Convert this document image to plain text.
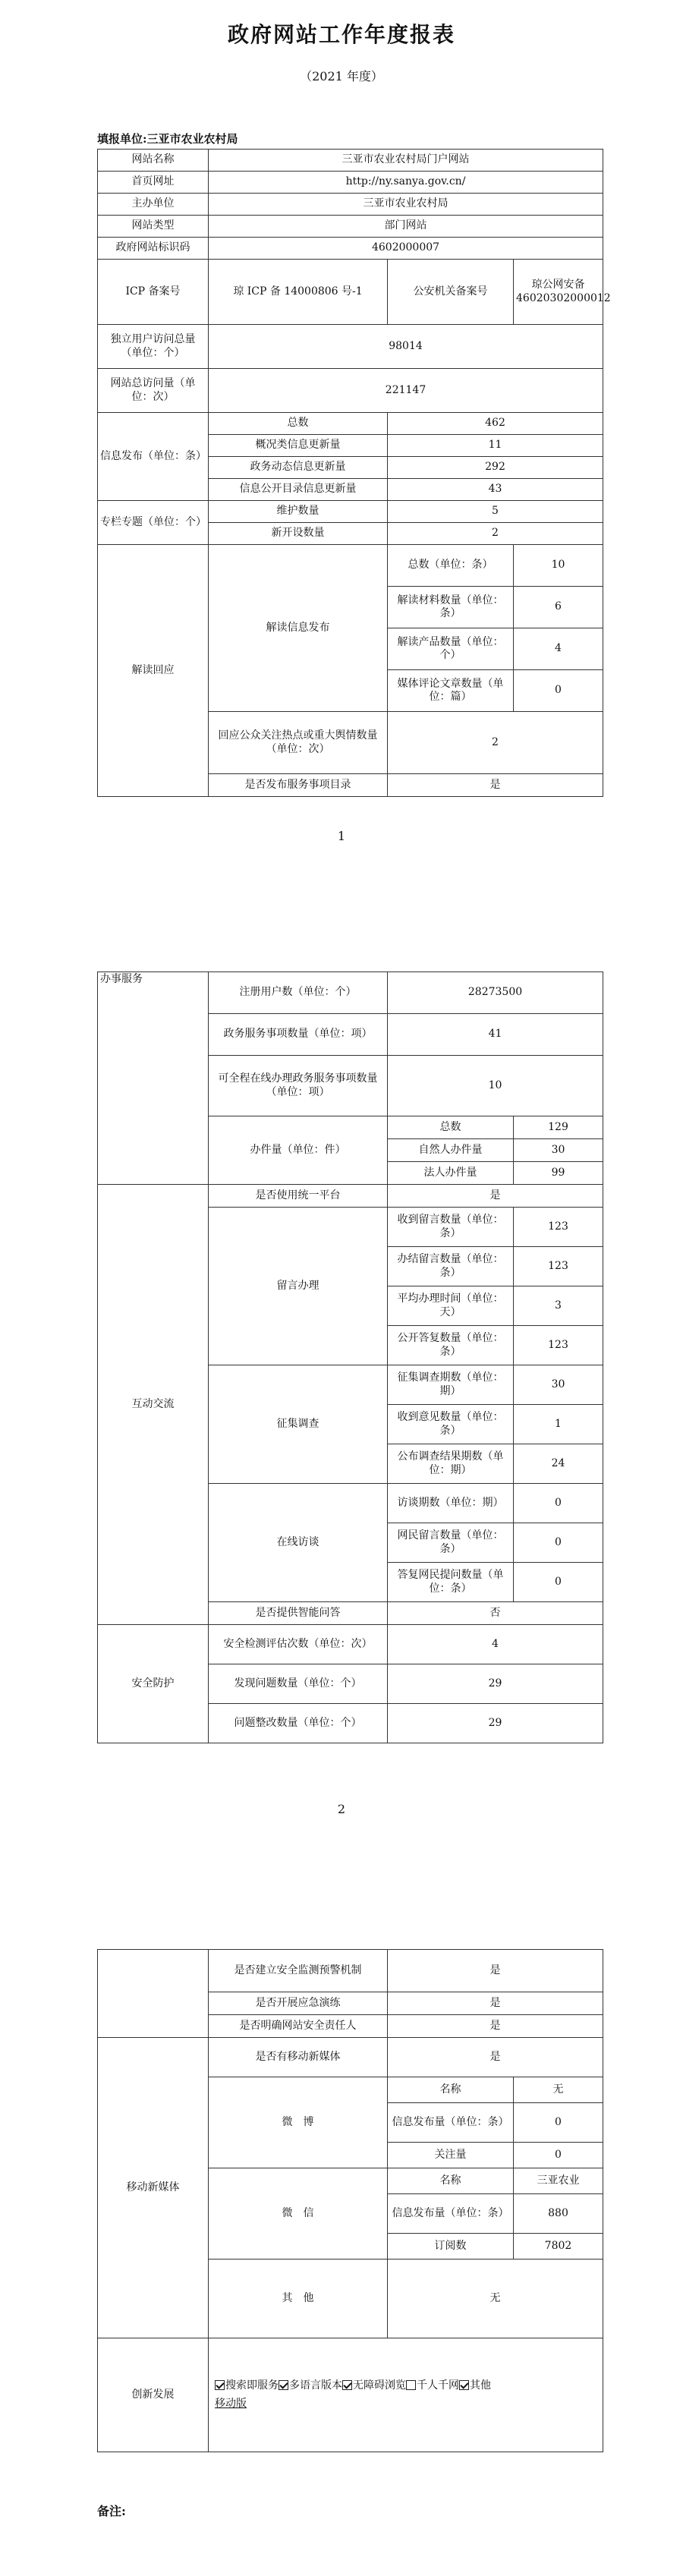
政府网站工作年度报表
（2021 年度）
填报单位:三亚市农业农村局
网站名称	三亚市农业农村局门户网站		
首页网址	http://ny.sanya.gov.cn/		
主办单位	三亚市农业农村局		
网站类型	部门网站		
政府网站标识码	4602000007		
ICP 备案号	琼 ICP 备 14000806 号-1	公安机关备案号	琼公网安备 46020302000012
独立用户访问总量（单位：个）	98014		
网站总访问量（单位：次）	221147		
信息发布（单位：条）	总数	462	
	概况类信息更新量	11	
	政务动态信息更新量	292	
	信息公开目录信息更新量	43	
专栏专题（单位：个）	维护数量	5	
	新开设数量	2	
解读回应	解读信息发布	总数（单位：条）	10
		解读材料数量（单位：条）	6
		解读产品数量（单位：个）	4
		媒体评论文章数量（单位：篇）	0
	回应公众关注热点或重大舆情数量（单位：次）	2	
	是否发布服务事项目录	是	
1
办事服务	注册用户数（单位：个）	28273500	
	政务服务事项数量（单位：项）	41	
	可全程在线办理政务服务事项数量（单位：项）	10	
	办件量（单位：件）	总数	129
		自然人办件量	30
		法人办件量	99
互动交流	是否使用统一平台	是	
	留言办理	收到留言数量（单位：条）	123
		办结留言数量（单位：条）	123
		平均办理时间（单位：天）	3
		公开答复数量（单位：条）	123
	征集调查	征集调查期数（单位：期）	30
		收到意见数量（单位：条）	1
		公布调查结果期数（单位：期）	24
	在线访谈	访谈期数（单位：期）	0
		网民留言数量（单位：条）	0
		答复网民提问数量（单位：条）	0
	是否提供智能问答	否	
安全防护	安全检测评估次数（单位：次）	4	
	发现问题数量（单位：个）	29	
	问题整改数量（单位：个）	29	
2
	是否建立安全监测预警机制	是	
	是否开展应急演练	是	
	是否明确网站安全责任人	是	
移动新媒体	是否有移动新媒体	是	
	微　博	名称	无
		信息发布量（单位：条）	0
		关注量	0
	微　信	名称	三亚农业
		信息发布量（单位：条）	880
		订阅数	7802
	其　他	无	
创新发展	搜索即服务 多语言版本 无障碍浏览 千人千网 其他
移动版		
备注:
